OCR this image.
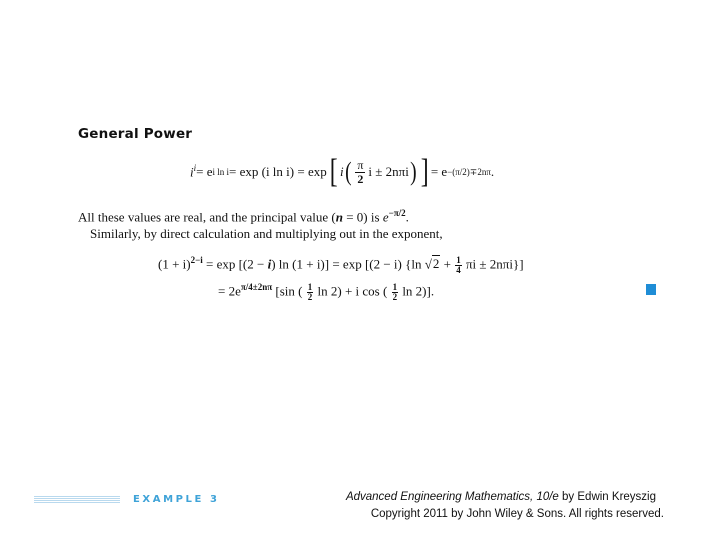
General Power
$i^i = e$ i ln i = exp (i ln i) = exp [ i ( $\frac{\pi}{2}$ i ± 2nπi ) ] = e −(π/2)∓2nπ .
All these values are real, and the principal value (n = 0) is $e^{-\pi/2}$.
Similarly, by direct calculation and multiplying out in the exponent,
$(1 + i)^{2-i} = \exp [(2 - i)$ ln (1 + i)] = exp [(2 − i) {ln $√2 + \frac{1}{4}$ πi ± 2nπi}]
= $2e^{\pi/4\pm 2n\pi}$ [sin ( $\frac{1}{2}$ ln 2) + i cos ( $\frac{1}{2}$ ln 2)].
EXAMPLE 3	Advanced Engineering Mathematics, 10/e by Edwin Kreyszig
Copyright 2011 by John Wiley & Sons. All rights reserved.
